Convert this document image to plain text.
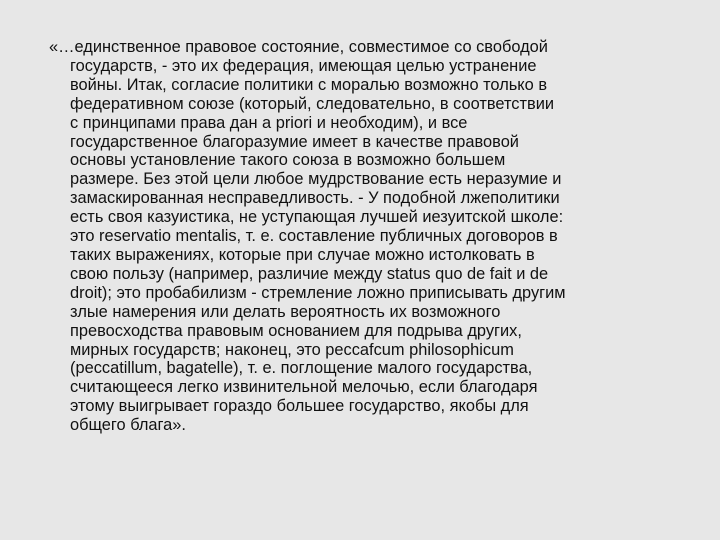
«…единственное правовое состояние, совместимое со свободой
государств, - это их федерация, имеющая целью устранение
войны. Итак, согласие политики с моралью возможно только в
федеративном союзе (который, следовательно, в соответствии
с принципами права дан а priori и необходим), и все
государственное благоразумие имеет в качестве правовой
основы установление такого союза в возможно большем
размере. Без этой цели любое мудрствование есть неразумие и
замаскированная несправедливость. - У подобной лжеполитики
есть своя казуистика, не уступающая лучшей иезуитской школе:
это reservatio mentalis, т. е. составление публичных договоров в
таких выражениях, которые при случае можно истолковать в
свою пользу (например, различие между status quo de fait и de
droit); это пробабилизм - стремление ложно приписывать другим
злые намерения или делать вероятность их возможного
превосходства правовым основанием для подрыва других,
мирных государств; наконец, это peccafcum philosophicum
(peccatillum, bagatelle), т. е. поглощение малого государства,
считающееся легко извинительной мелочью, если благодаря
этому выигрывает гораздо большее государство, якобы для
общего блага».
